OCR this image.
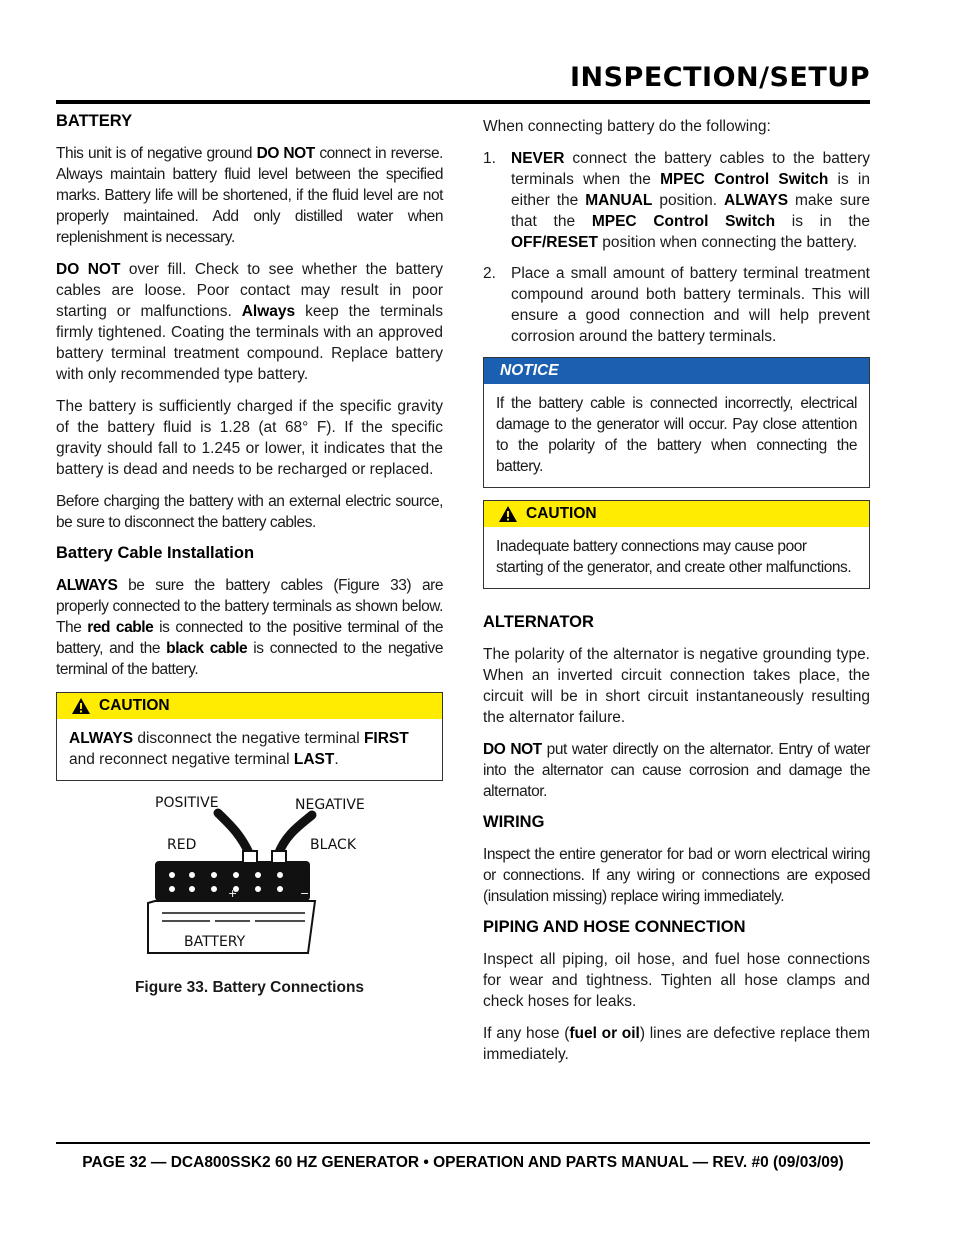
INSPECTION/SETUP
BATTERY

This unit is of negative ground DO NOT connect in reverse. Always maintain battery fluid level between the specified marks. Battery life will be shortened, if the fluid level are not properly maintained. Add only distilled water when replenishment is necessary.

DO NOT over fill. Check to see whether the battery cables are loose. Poor contact may result in poor starting or malfunctions. Always keep the terminals firmly tightened. Coating the terminals with an approved battery terminal treatment compound. Replace battery with only recommended type battery.

The battery is sufficiently charged if the specific gravity of the battery fluid is 1.28 (at 68° F). If the specific gravity should fall to 1.245 or lower, it indicates that the battery is dead and needs to be recharged or replaced.

Before charging the battery with an external electric source, be sure to disconnect the battery cables.

Battery Cable Installation

ALWAYS be sure the battery cables (Figure 33) are properly connected to the battery terminals as shown below. The red cable is connected to the positive terminal of the battery, and the black cable is connected to the negative terminal of the battery.

CAUTION
ALWAYS disconnect the negative terminal FIRST and reconnect negative terminal LAST.
POSITIVE	NEGATIVE
RED	BLACK
+	−
BATTERY
Figure 33. Battery Connections

When connecting battery do the following:

1. NEVER connect the battery cables to the battery terminals when the MPEC Control Switch is in either the MANUAL position. ALWAYS make sure that the MPEC Control Switch is in the OFF/RESET position when connecting the battery.
2. Place a small amount of battery terminal treatment compound around both battery terminals. This will ensure a good connection and will help prevent corrosion around the battery terminals.
NOTICE
If the battery cable is connected incorrectly, electrical damage to the generator will occur. Pay close attention to the polarity of the battery when connecting the battery.
CAUTION
Inadequate battery connections may cause poor starting of the generator, and create other malfunctions.
ALTERNATOR

The polarity of the alternator is negative grounding type. When an inverted circuit connection takes place, the circuit will be in short circuit instantaneously resulting the alternator failure.

DO NOT put water directly on the alternator. Entry of water into the alternator can cause corrosion and damage the alternator.

WIRING

Inspect the entire generator for bad or worn electrical wiring or connections. If any wiring or connections are exposed (insulation missing) replace wiring immediately.

PIPING AND HOSE CONNECTION

Inspect all piping, oil hose, and fuel hose connections for wear and tightness. Tighten all hose clamps and check hoses for leaks.

If any hose (fuel or oil) lines are defective replace them immediately.

PAGE 32 — DCA800SSK2 60 HZ GENERATOR • OPERATION AND PARTS MANUAL — REV. #0 (09/03/09)
